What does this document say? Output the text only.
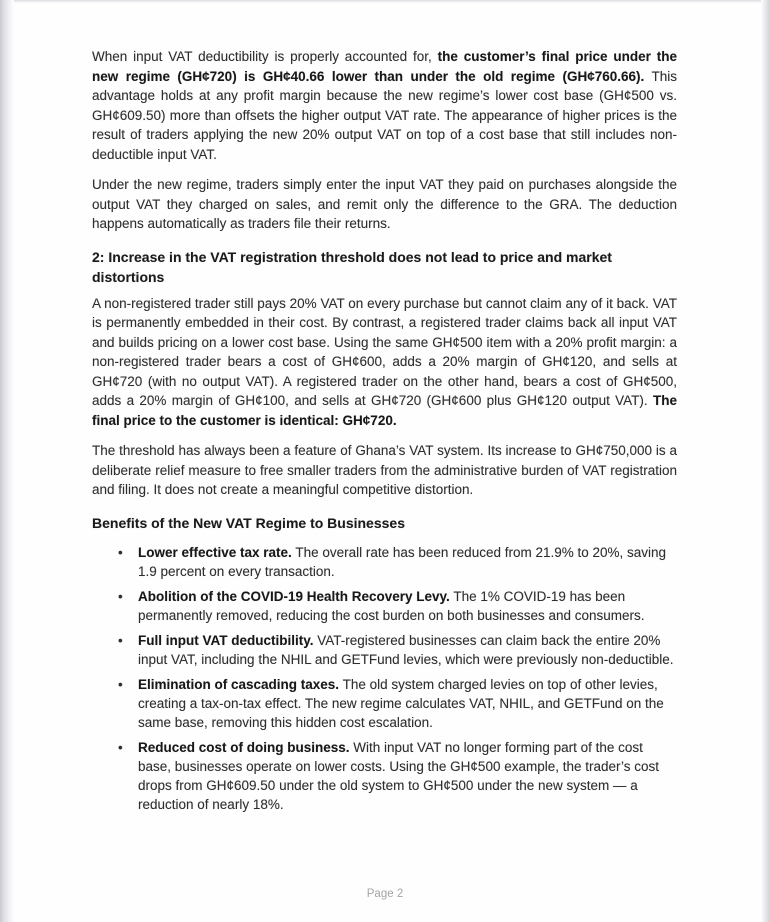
When input VAT deductibility is properly accounted for, the customer’s final price under the new regime (GH¢720) is GH¢40.66 lower than under the old regime (GH¢760.66). This advantage holds at any profit margin because the new regime’s lower cost base (GH¢500 vs. GH¢609.50) more than offsets the higher output VAT rate. The appearance of higher prices is the result of traders applying the new 20% output VAT on top of a cost base that still includes non-deductible input VAT.

Under the new regime, traders simply enter the input VAT they paid on purchases alongside the output VAT they charged on sales, and remit only the difference to the GRA. The deduction happens automatically as traders file their returns.

2: Increase in the VAT registration threshold does not lead to price and market distortions

A non-registered trader still pays 20% VAT on every purchase but cannot claim any of it back. VAT is permanently embedded in their cost. By contrast, a registered trader claims back all input VAT and builds pricing on a lower cost base. Using the same GH¢500 item with a 20% profit margin: a non-registered trader bears a cost of GH¢600, adds a 20% margin of GH¢120, and sells at GH¢720 (with no output VAT). A registered trader on the other hand, bears a cost of GH¢500, adds a 20% margin of GH¢100, and sells at GH¢720 (GH¢600 plus GH¢120 output VAT). The final price to the customer is identical: GH¢720.

The threshold has always been a feature of Ghana’s VAT system. Its increase to GH¢750,000 is a deliberate relief measure to free smaller traders from the administrative burden of VAT registration and filing. It does not create a meaningful competitive distortion.

Benefits of the New VAT Regime to Businesses
• Lower effective tax rate. The overall rate has been reduced from 21.9% to 20%, saving 1.9 percent on every transaction.
• Abolition of the COVID-19 Health Recovery Levy. The 1% COVID-19 has been permanently removed, reducing the cost burden on both businesses and consumers.
• Full input VAT deductibility. VAT-registered businesses can claim back the entire 20% input VAT, including the NHIL and GETFund levies, which were previously non-deductible.
• Elimination of cascading taxes. The old system charged levies on top of other levies, creating a tax-on-tax effect. The new regime calculates VAT, NHIL, and GETFund on the same base, removing this hidden cost escalation.
• Reduced cost of doing business. With input VAT no longer forming part of the cost base, businesses operate on lower costs. Using the GH¢500 example, the trader’s cost drops from GH¢609.50 under the old system to GH¢500 under the new system — a reduction of nearly 18%.
Page 2
